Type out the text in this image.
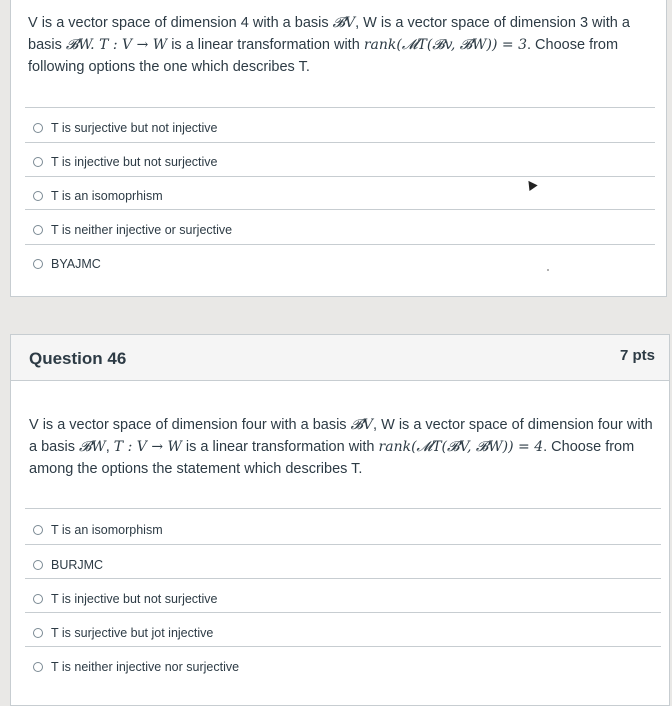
V is a vector space of dimension 4 with a basis 𝓑V, W is a vector space of dimension 3 with a basis 𝓑W. T : V → W is a linear transformation with rank(𝓜T(𝓑v, 𝓑W)) = 3. Choose from following options the one which describes T.

T is surjective but not injective
T is injective but not surjective
T is an isomoprhism
T is neither injective or surjective
BYAJMC
Question 46	7 pts

V is a vector space of dimension four with a basis 𝓑V, W is a vector space of dimension four with a basis 𝓑W, T : V → W is a linear transformation with rank(𝓜T(𝓑V, 𝓑W)) = 4. Choose from among the options the statement which describes T.

T is an isomorphism
BURJMC
T is injective but not surjective
T is surjective but jot injective
T is neither injective nor surjective
